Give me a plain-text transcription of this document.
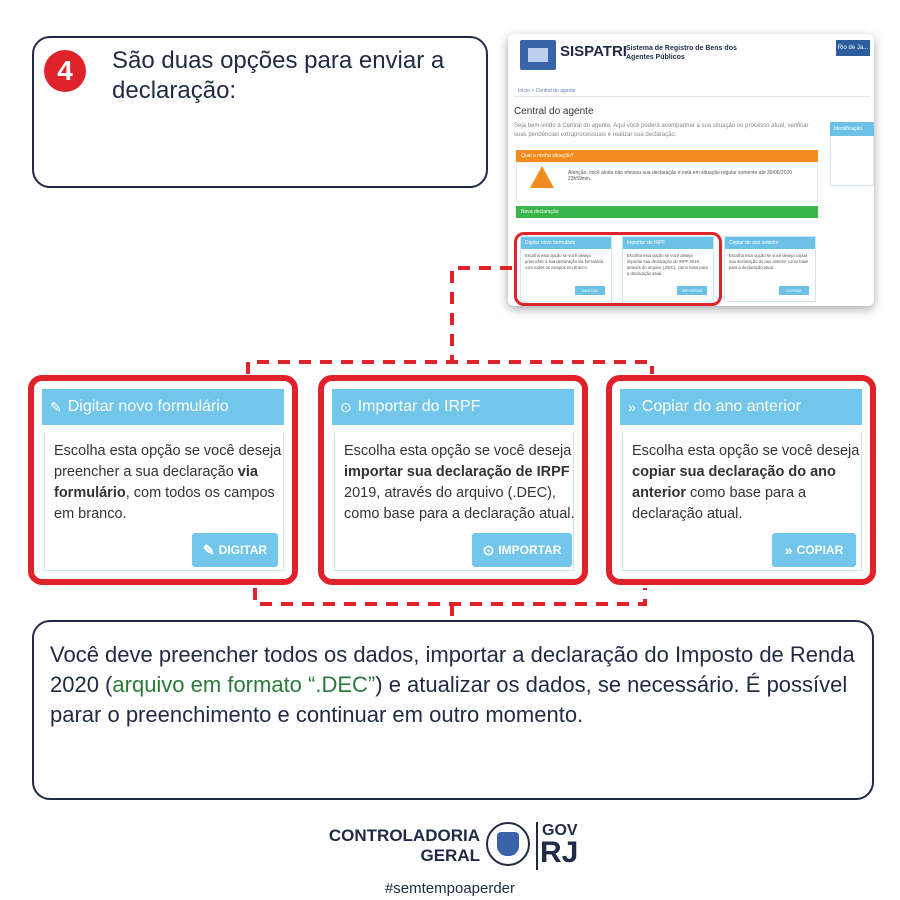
4	São duas opções para enviar a declaração:
SISPATRI Sistema de Registro de Bens dos Agentes Públicos
Rio de Ja...
Início > Central do agente
Central do agente
Seja bem-vindo à Central do agente. Aqui você poderá acompanhar a sua situação no processo atual, verificar suas pendências extraprocessuais e realizar sua declaração.
Identificação
Qual a minha situação?
Atenção, você ainda não efetuou sua declaração e está em situação regular somente até 30/06/2020 23h59min.
Nova declaração
Digitar novo formulário
Escolha esta opção se você deseja preencher a sua declaração via formulário, com todos os campos em branco.
DIGITAR
Importar do IRPF
Escolha esta opção se você deseja importar sua declaração de IRPF 2019, através do arquivo (.DEC), como base para a declaração atual.
IMPORTAR
Copiar do ano anterior
Escolha esta opção se você deseja copiar sua declaração do ano anterior como base para a declaração atual.
COPIAR
✎ Digitar novo formulário
Escolha esta opção se você deseja preencher a sua declaração via formulário, com todos os campos em branco.
✎ DIGITAR
⊙ Importar do IRPF
Escolha esta opção se você deseja importar sua declaração de IRPF 2019, através do arquivo (.DEC), como base para a declaração atual.
⊙ IMPORTAR
» Copiar do ano anterior
Escolha esta opção se você deseja copiar sua declaração do ano anterior como base para a declaração atual.
» COPIAR
Você deve preencher todos os dados, importar a declaração do Imposto de Renda 2020 (arquivo em formato “.DEC”) e atualizar os dados, se necessário. É possível parar o preenchimento e continuar em outro momento.
CONTROLADORIA
GERAL
GOV
RJ
#semtempoaperder
